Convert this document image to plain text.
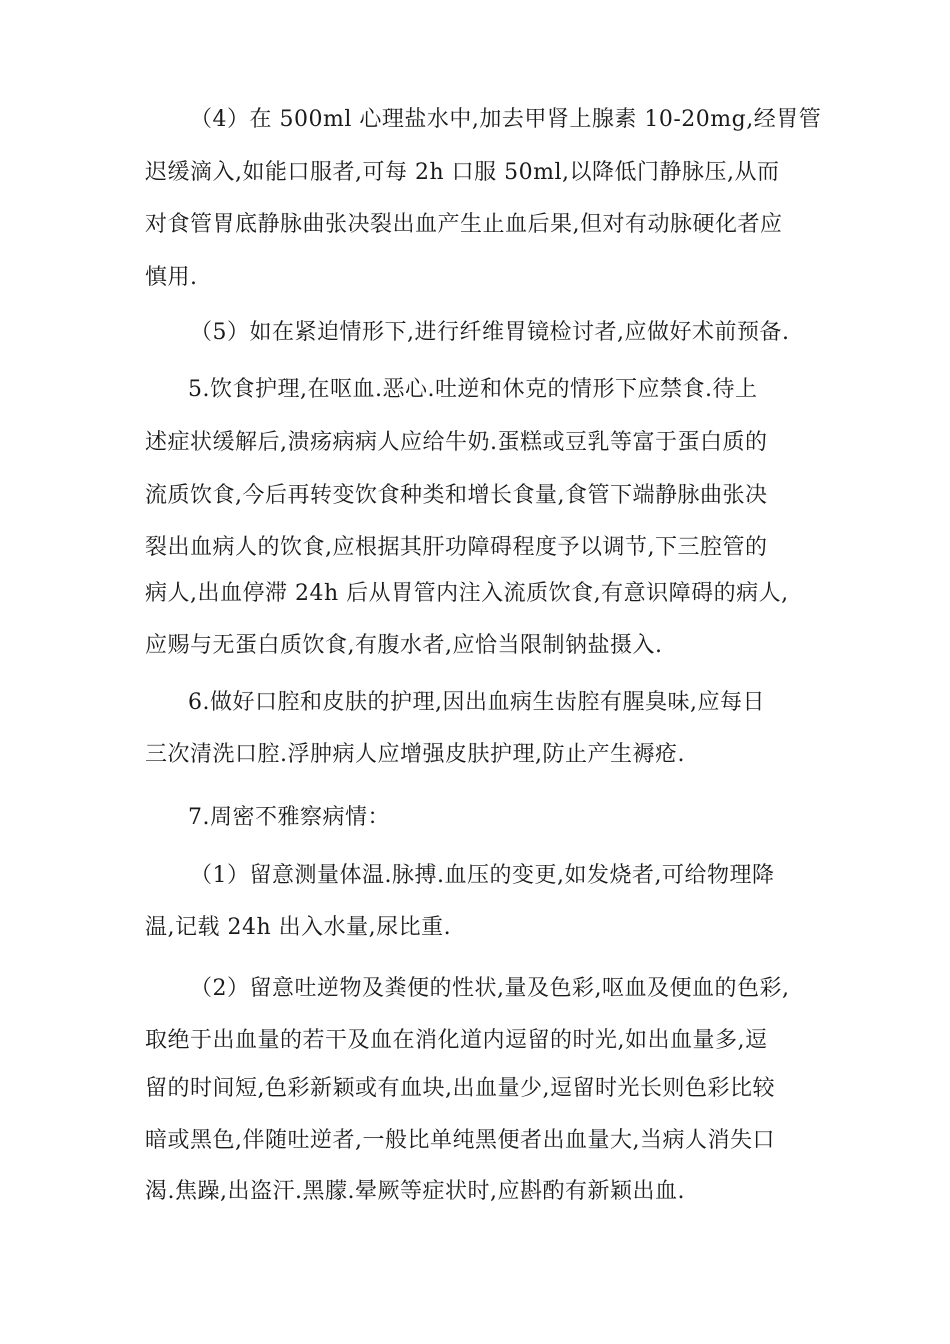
（4）在 500ml 心理盐水中,加去甲肾上腺素 10-20mg,经胃管
迟缓滴入,如能口服者,可每 2h 口服 50ml,以降低门静脉压,从而
对食管胃底静脉曲张决裂出血产生止血后果,但对有动脉硬化者应
慎用.
（5）如在紧迫情形下,进行纤维胃镜检讨者,应做好术前预备.
5.饮食护理,在呕血.恶心.吐逆和休克的情形下应禁食.待上
述症状缓解后,溃疡病病人应给牛奶.蛋糕或豆乳等富于蛋白质的
流质饮食,今后再转变饮食种类和增长食量,食管下端静脉曲张决
裂出血病人的饮食,应根据其肝功障碍程度予以调节,下三腔管的
病人,出血停滞 24h 后从胃管内注入流质饮食,有意识障碍的病人,
应赐与无蛋白质饮食,有腹水者,应恰当限制钠盐摄入.
6.做好口腔和皮肤的护理,因出血病生齿腔有腥臭味,应每日
三次清洗口腔.浮肿病人应增强皮肤护理,防止产生褥疮.
7.周密不雅察病情：
（1）留意测量体温.脉搏.血压的变更,如发烧者,可给物理降
温,记载 24h 出入水量,尿比重.
（2）留意吐逆物及粪便的性状,量及色彩,呕血及便血的色彩,
取绝于出血量的若干及血在消化道内逗留的时光,如出血量多,逗
留的时间短,色彩新颖或有血块,出血量少,逗留时光长则色彩比较
暗或黑色,伴随吐逆者,一般比单纯黑便者出血量大,当病人消失口
渴.焦躁,出盗汗.黑朦.晕厥等症状时,应斟酌有新颖出血.
